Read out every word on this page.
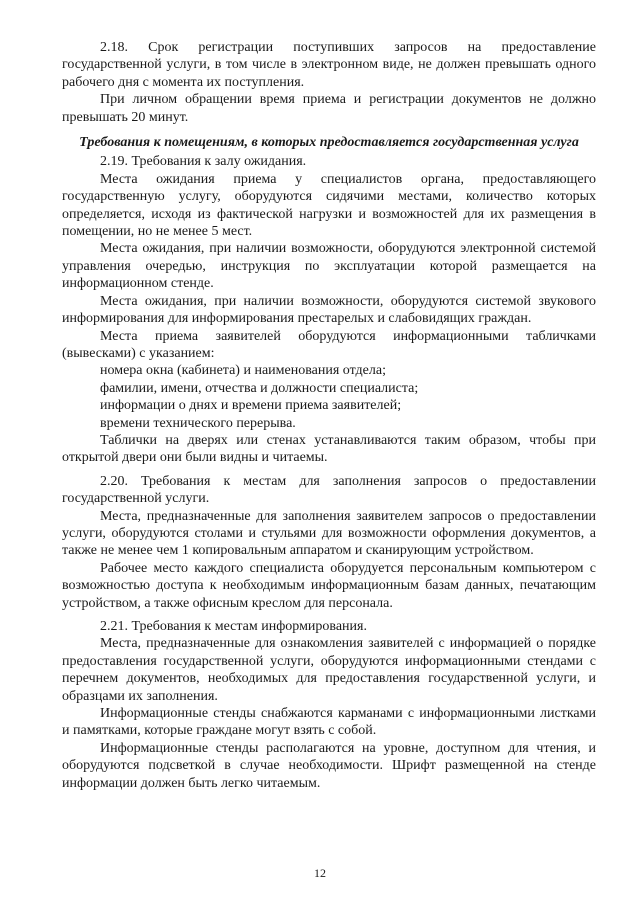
2.18. Срок регистрации поступивших запросов на предоставление государственной услуги, в том числе в электронном виде, не должен превышать одного рабочего дня с момента их поступления.

При личном обращении время приема и регистрации документов не должно превышать 20 минут.

Требования к помещениям, в которых предоставляется государственная услуга

2.19. Требования к залу ожидания.

Места ожидания приема у специалистов органа, предоставляющего государственную услугу, оборудуются сидячими местами, количество которых определяется, исходя из фактической нагрузки и возможностей для их размещения в помещении, но не менее 5 мест.

Места ожидания, при наличии возможности, оборудуются электронной системой управления очередью, инструкция по эксплуатации которой размещается на информационном стенде.

Места ожидания, при наличии возможности, оборудуются системой звукового информирования для информирования престарелых и слабовидящих граждан.

Места приема заявителей оборудуются информационными табличками (вывесками) с указанием:

номера окна (кабинета) и наименования отдела;

фамилии, имени, отчества и должности специалиста;

информации о днях и времени приема заявителей;

времени технического перерыва.

Таблички на дверях или стенах устанавливаются таким образом, чтобы при открытой двери они были видны и читаемы.

2.20. Требования к местам для заполнения запросов о предоставлении государственной услуги.

Места, предназначенные для заполнения заявителем запросов о предоставлении услуги, оборудуются столами и стульями для возможности оформления документов, а также не менее чем 1 копировальным аппаратом и сканирующим устройством.

Рабочее место каждого специалиста оборудуется персональным компьютером с возможностью доступа к необходимым информационным базам данных, печатающим устройством, а также офисным креслом для персонала.

2.21. Требования к местам информирования.

Места, предназначенные для ознакомления заявителей с информацией о порядке предоставления государственной услуги, оборудуются информационными стендами с перечнем документов, необходимых для предоставления государственной услуги, и образцами их заполнения.

Информационные стенды снабжаются карманами с информационными листками и памятками, которые граждане могут взять с собой.

Информационные стенды располагаются на уровне, доступном для чтения, и оборудуются подсветкой в случае необходимости. Шрифт размещенной на стенде информации должен быть легко читаемым.

12
